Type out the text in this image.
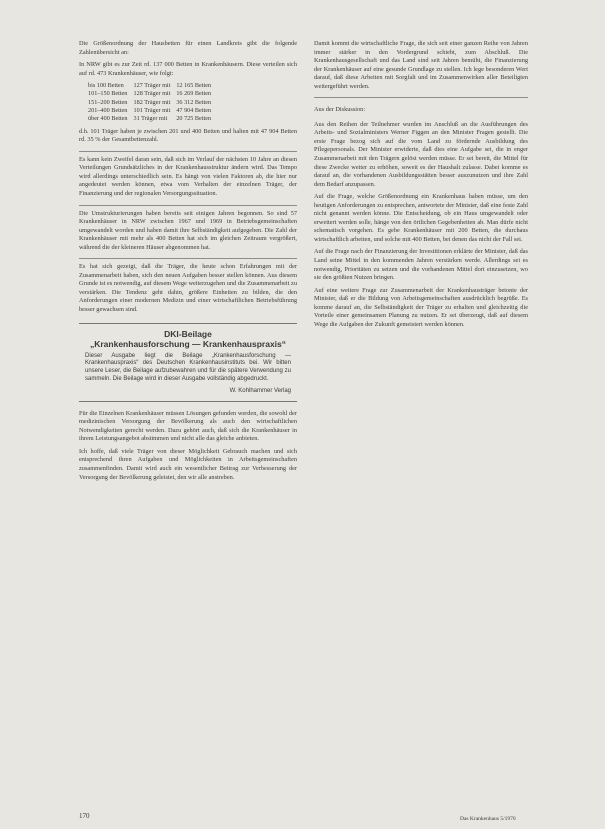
Die Größenordnung der Hausbetten für einen Landkreis gibt die folgende Zahlenübersicht an:

In NRW gibt es zur Zeit rd. 137 000 Betten in Krankenhäusern. Diese verteilen sich auf rd. 473 Krankenhäuser, wie folgt:

bis 100 Betten	127 Träger mit	12 165 Betten
101–150 Betten	128 Träger mit	16 269 Betten
151–200 Betten	182 Träger mit	36 312 Betten
201–400 Betten	101 Träger mit	47 904 Betten
über 400 Betten	31 Träger mit	20 725 Betten

d.h. 101 Träger haben je zwischen 201 und 400 Betten und halten mit 47 904 Betten rd. 35 % der Gesamtbettenzahl.

Es kann kein Zweifel daran sein, daß sich im Verlauf der nächsten 10 Jahre an diesen Verteilungen Grundsätzliches in der Krankenhausstruktur ändern wird. Das Tempo wird allerdings unterschiedlich sein. Es hängt von vielen Faktoren ab, die hier nur angedeutet werden können, etwa vom Verhalten der einzelnen Träger, der Finanzierung und der regionalen Versorgungssituation.

Die Umstrukturierungen haben bereits seit einigen Jahren begonnen. So sind 57 Krankenhäuser in NRW zwischen 1967 und 1969 in Betriebsgemeinschaften umgewandelt worden und haben damit ihre Selbständigkeit aufgegeben. Die Zahl der Krankenhäuser mit mehr als 400 Betten hat sich im gleichen Zeitraum vergrößert, während die der kleineren Häuser abgenommen hat.

Es hat sich gezeigt, daß die Träger, die heute schon Erfahrungen mit der Zusammenarbeit haben, sich den neuen Aufgaben besser stellen können. Aus diesem Grunde ist es notwendig, auf diesem Wege weiterzugehen und die Zusammenarbeit zu verstärken. Die Tendenz geht dahin, größere Einheiten zu bilden, die den Anforderungen einer modernen Medizin und einer wirtschaftlichen Betriebsführung besser gewachsen sind.

DKI-Beilage
„Krankenhausforschung — Krankenhauspraxis“
Dieser Ausgabe liegt die Beilage „Krankenhausforschung — Krankenhauspraxis“ des Deutschen Krankenhausinstituts bei. Wir bitten unsere Leser, die Beilage aufzubewahren und für die spätere Verwendung zu sammeln. Die Beilage wird in dieser Ausgabe vollständig abgedruckt.
W. Kohlhammer Verlag

Für die Einzelnen Krankenhäuser müssen Lösungen gefunden werden, die sowohl der medizinischen Versorgung der Bevölkerung als auch den wirtschaftlichen Notwendigkeiten gerecht werden. Dazu gehört auch, daß sich die Krankenhäuser in ihrem Leistungsangebot abstimmen und nicht alle das gleiche anbieten.

Ich hoffe, daß viele Träger von dieser Möglichkeit Gebrauch machen und sich entsprechend ihren Aufgaben und Möglichkeiten in Arbeitsgemeinschaften zusammenfinden. Damit wird auch ein wesentlicher Beitrag zur Verbesserung der Versorgung der Bevölkerung geleistet, den wir alle anstreben.

Damit kommt die wirtschaftliche Frage, die sich seit einer ganzen Reihe von Jahren immer stärker in den Vordergrund schiebt, zum Abschluß. Die Krankenhausgesellschaft und das Land sind seit Jahren bemüht, die Finanzierung der Krankenhäuser auf eine gesunde Grundlage zu stellen. Ich lege besonderen Wert darauf, daß diese Arbeiten mit Sorgfalt und im Zusammenwirken aller Beteiligten weitergeführt werden.

Aus der Diskussion:

Aus den Reihen der Teilnehmer wurden im Anschluß an die Ausführungen des Arbeits- und Sozialministers Werner Figgen an den Minister Fragen gestellt. Die erste Frage bezog sich auf die vom Land zu fördernde Ausbildung des Pflegepersonals. Der Minister erwiderte, daß dies eine Aufgabe sei, die in enger Zusammenarbeit mit den Trägern gelöst werden müsse. Er sei bereit, die Mittel für diese Zwecke weiter zu erhöhen, soweit es der Haushalt zulasse. Dabei komme es darauf an, die vorhandenen Ausbildungsstätten besser auszunutzen und ihre Zahl dem Bedarf anzupassen.

Auf die Frage, welche Größenordnung ein Krankenhaus haben müsse, um den heutigen Anforderungen zu entsprechen, antwortete der Minister, daß eine feste Zahl nicht genannt werden könne. Die Entscheidung, ob ein Haus umgewandelt oder erweitert werden solle, hänge von den örtlichen Gegebenheiten ab. Man dürfe nicht schematisch vorgehen. Es gebe Krankenhäuser mit 200 Betten, die durchaus wirtschaftlich arbeiten, und solche mit 400 Betten, bei denen das nicht der Fall sei.

Auf die Frage nach der Finanzierung der Investitionen erklärte der Minister, daß das Land seine Mittel in den kommenden Jahren verstärken werde. Allerdings sei es notwendig, Prioritäten zu setzen und die vorhandenen Mittel dort einzusetzen, wo sie den größten Nutzen bringen.

Auf eine weitere Frage zur Zusammenarbeit der Krankenhausträger betonte der Minister, daß er die Bildung von Arbeitsgemeinschaften ausdrücklich begrüße. Es komme darauf an, die Selbständigkeit der Träger zu erhalten und gleichzeitig die Vorteile einer gemeinsamen Planung zu nutzen. Er sei überzeugt, daß auf diesem Wege die Aufgaben der Zukunft gemeistert werden können.

170	Das Krankenhaus 5/1970
